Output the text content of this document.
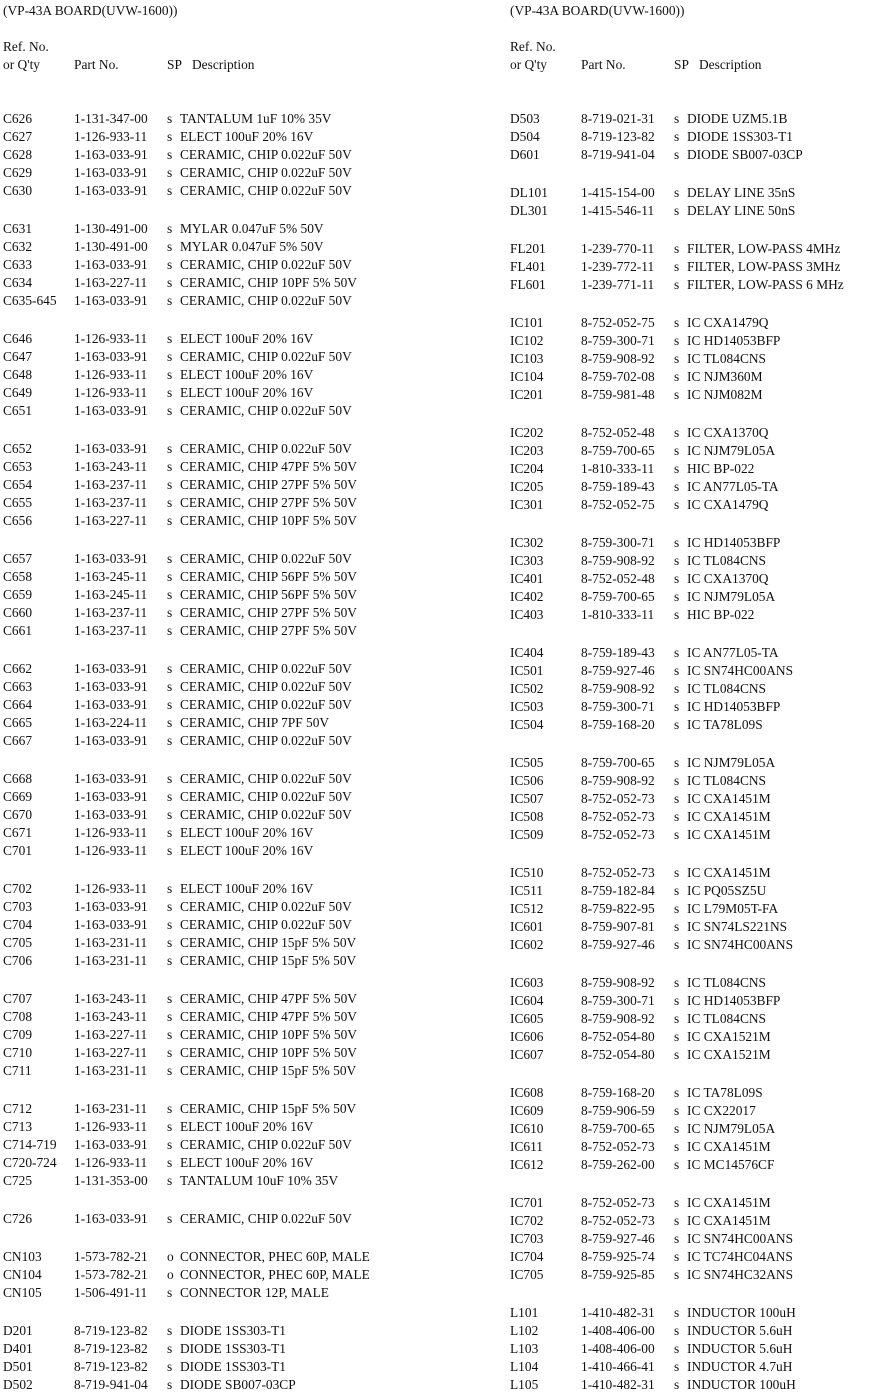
(VP-43A BOARD(UVW-1600))
Ref. No.
or Q'ty	Part No.	SP Description
C626	1-131-347-00 s TANTALUM 1uF 10% 35V
C627	1-126-933-11 s ELECT 100uF 20% 16V
C628	1-163-033-91 s CERAMIC, CHIP 0.022uF 50V
C629	1-163-033-91 s CERAMIC, CHIP 0.022uF 50V
C630	1-163-033-91 s CERAMIC, CHIP 0.022uF 50V
C631	1-130-491-00 s MYLAR 0.047uF 5% 50V
C632	1-130-491-00 s MYLAR 0.047uF 5% 50V
C633	1-163-033-91 s CERAMIC, CHIP 0.022uF 50V
C634	1-163-227-11 s CERAMIC, CHIP 10PF 5% 50V
C635-645 1-163-033-91 s CERAMIC, CHIP 0.022uF 50V
C646	1-126-933-11 s ELECT 100uF 20% 16V
C647	1-163-033-91 s CERAMIC, CHIP 0.022uF 50V
C648	1-126-933-11 s ELECT 100uF 20% 16V
C649	1-126-933-11 s ELECT 100uF 20% 16V
C651	1-163-033-91 s CERAMIC, CHIP 0.022uF 50V
C652	1-163-033-91 s CERAMIC, CHIP 0.022uF 50V
C653	1-163-243-11 s CERAMIC, CHIP 47PF 5% 50V
C654	1-163-237-11 s CERAMIC, CHIP 27PF 5% 50V
C655	1-163-237-11 s CERAMIC, CHIP 27PF 5% 50V
C656	1-163-227-11 s CERAMIC, CHIP 10PF 5% 50V
C657	1-163-033-91 s CERAMIC, CHIP 0.022uF 50V
C658	1-163-245-11 s CERAMIC, CHIP 56PF 5% 50V
C659	1-163-245-11 s CERAMIC, CHIP 56PF 5% 50V
C660	1-163-237-11 s CERAMIC, CHIP 27PF 5% 50V
C661	1-163-237-11 s CERAMIC, CHIP 27PF 5% 50V
C662	1-163-033-91 s CERAMIC, CHIP 0.022uF 50V
C663	1-163-033-91 s CERAMIC, CHIP 0.022uF 50V
C664	1-163-033-91 s CERAMIC, CHIP 0.022uF 50V
C665	1-163-224-11 s CERAMIC, CHIP 7PF 50V
C667	1-163-033-91 s CERAMIC, CHIP 0.022uF 50V
C668	1-163-033-91 s CERAMIC, CHIP 0.022uF 50V
C669	1-163-033-91 s CERAMIC, CHIP 0.022uF 50V
C670	1-163-033-91 s CERAMIC, CHIP 0.022uF 50V
C671	1-126-933-11 s ELECT 100uF 20% 16V
C701	1-126-933-11 s ELECT 100uF 20% 16V
C702	1-126-933-11 s ELECT 100uF 20% 16V
C703	1-163-033-91 s CERAMIC, CHIP 0.022uF 50V
C704	1-163-033-91 s CERAMIC, CHIP 0.022uF 50V
C705	1-163-231-11 s CERAMIC, CHIP 15pF 5% 50V
C706	1-163-231-11 s CERAMIC, CHIP 15pF 5% 50V
C707	1-163-243-11 s CERAMIC, CHIP 47PF 5% 50V
C708	1-163-243-11 s CERAMIC, CHIP 47PF 5% 50V
C709	1-163-227-11 s CERAMIC, CHIP 10PF 5% 50V
C710	1-163-227-11 s CERAMIC, CHIP 10PF 5% 50V
C711	1-163-231-11 s CERAMIC, CHIP 15pF 5% 50V
C712	1-163-231-11 s CERAMIC, CHIP 15pF 5% 50V
C713	1-126-933-11 s ELECT 100uF 20% 16V
C714-719 1-163-033-91 s CERAMIC, CHIP 0.022uF 50V
C720-724 1-126-933-11 s ELECT 100uF 20% 16V
C725	1-131-353-00 s TANTALUM 10uF 10% 35V
C726	1-163-033-91 s CERAMIC, CHIP 0.022uF 50V
CN103 1-573-782-21 o CONNECTOR, PHEC 60P, MALE
CN104 1-573-782-21 o CONNECTOR, PHEC 60P, MALE
CN105 1-506-491-11 s CONNECTOR 12P, MALE
D201	8-719-123-82 s DIODE 1SS303-T1
D401	8-719-123-82 s DIODE 1SS303-T1
D501	8-719-123-82 s DIODE 1SS303-T1
D502	8-719-941-04 s DIODE SB007-03CP
(VP-43A BOARD(UVW-1600))
Ref. No.
or Q'ty	Part No.	SP Description
D503	8-719-021-31 s DIODE UZM5.1B
D504	8-719-123-82 s DIODE 1SS303-T1
D601	8-719-941-04 s DIODE SB007-03CP
DL101 1-415-154-00 s DELAY LINE 35nS
DL301 1-415-546-11 s DELAY LINE 50nS
FL201	1-239-770-11 s FILTER, LOW-PASS 4MHz
FL401	1-239-772-11 s FILTER, LOW-PASS 3MHz
FL601	1-239-771-11 s FILTER, LOW-PASS 6 MHz
IC101	8-752-052-75 s IC CXA1479Q
IC102	8-759-300-71 s IC HD14053BFP
IC103	8-759-908-92 s IC TL084CNS
IC104	8-759-702-08 s IC NJM360M
IC201	8-759-981-48 s IC NJM082M
IC202	8-752-052-48 s IC CXA1370Q
IC203	8-759-700-65 s IC NJM79L05A
IC204	1-810-333-11 s HIC BP-022
IC205	8-759-189-43 s IC AN77L05-TA
IC301	8-752-052-75 s IC CXA1479Q
IC302	8-759-300-71 s IC HD14053BFP
IC303	8-759-908-92 s IC TL084CNS
IC401	8-752-052-48 s IC CXA1370Q
IC402	8-759-700-65 s IC NJM79L05A
IC403	1-810-333-11 s HIC BP-022
IC404	8-759-189-43 s IC AN77L05-TA
IC501	8-759-927-46 s IC SN74HC00ANS
IC502	8-759-908-92 s IC TL084CNS
IC503	8-759-300-71 s IC HD14053BFP
IC504	8-759-168-20 s IC TA78L09S
IC505	8-759-700-65 s IC NJM79L05A
IC506	8-759-908-92 s IC TL084CNS
IC507	8-752-052-73 s IC CXA1451M
IC508	8-752-052-73 s IC CXA1451M
IC509	8-752-052-73 s IC CXA1451M
IC510	8-752-052-73 s IC CXA1451M
IC511	8-759-182-84 s IC PQ05SZ5U
IC512	8-759-822-95 s IC L79M05T-FA
IC601	8-759-907-81 s IC SN74LS221NS
IC602	8-759-927-46 s IC SN74HC00ANS
IC603	8-759-908-92 s IC TL084CNS
IC604	8-759-300-71 s IC HD14053BFP
IC605	8-759-908-92 s IC TL084CNS
IC606	8-752-054-80 s IC CXA1521M
IC607	8-752-054-80 s IC CXA1521M
IC608	8-759-168-20 s IC TA78L09S
IC609	8-759-906-59 s IC CX22017
IC610	8-759-700-65 s IC NJM79L05A
IC611	8-752-052-73 s IC CXA1451M
IC612	8-759-262-00 s IC MC14576CF
IC701	8-752-052-73 s IC CXA1451M
IC702	8-752-052-73 s IC CXA1451M
IC703	8-759-927-46 s IC SN74HC00ANS
IC704	8-759-925-74 s IC TC74HC04ANS
IC705	8-759-925-85 s IC SN74HC32ANS
L101	1-410-482-31 s INDUCTOR 100uH
L102	1-408-406-00 s INDUCTOR 5.6uH
L103	1-408-406-00 s INDUCTOR 5.6uH
L104	1-410-466-41 s INDUCTOR 4.7uH
L105	1-410-482-31 s INDUCTOR 100uH
